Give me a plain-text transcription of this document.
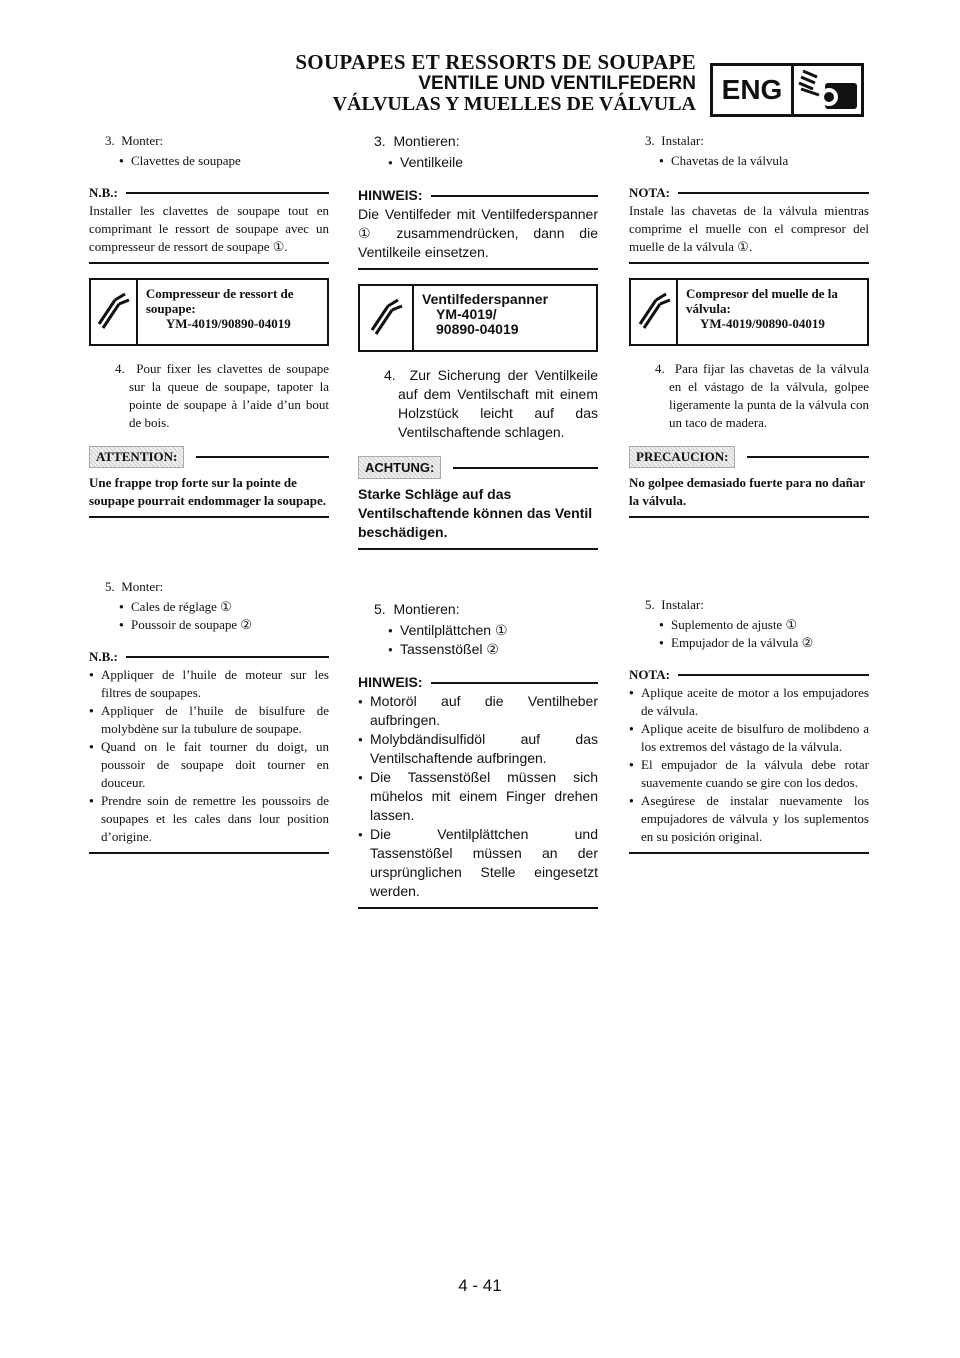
SOUPAPES ET RESSORTS DE SOUPAPE
VENTILE UND VENTILFEDERN
VÁLVULAS Y MUELLES DE VÁLVULA ENG
3.  Monter:
● Clavettes de soupape
N.B.:
Installer les clavettes de soupape tout en comprimant le ressort de soupape avec un compresseur de ressort de soupape ①.
Compresseur de ressort de soupape:
YM-4019/90890-04019
4.  Pour fixer les clavettes de soupape sur la queue de soupape, tapoter la pointe de soupape à l’aide d’un bout de bois.
ATTENTION:
Une frappe trop forte sur la pointe de soupape pourrait endommager la soupape.
5.  Monter:
● Cales de réglage ①
● Poussoir de soupape ②
N.B.:
● Appliquer de l’huile de moteur sur les filtres de soupapes.
● Appliquer de l’huile de bisulfure de molybdène sur la tubulure de soupape.
● Quand on le fait tourner du doigt, un poussoir de soupape doit tourner en douceur.
● Prendre soin de remettre les poussoirs de soupapes et les cales dans lour position d’origine.
3.  Montieren:
● Ventilkeile
HINWEIS:
Die Ventilfeder mit Ventilfederspanner ① zusammendrücken, dann die Ventilkeile einsetzen.
Ventilfederspanner
YM-4019/
90890-04019
4.  Zur Sicherung der Ventilkeile auf dem Ventilschaft mit einem Holzstück leicht auf das Ventilschaftende schlagen.
ACHTUNG:
Starke Schläge auf das Ventilschaftende können das Ventil beschädigen.
5.  Montieren:
● Ventilplättchen ①
● Tassenstößel ②
HINWEIS:
● Motoröl auf die Ventilheber aufbringen.
● Molybdändisulfidöl auf das Ventilschaftende aufbringen.
● Die Tassenstößel müssen sich mühelos mit einem Finger drehen lassen.
● Die Ventilplättchen und Tassenstößel müssen an der ursprünglichen Stelle eingesetzt werden.
3.  Instalar:
● Chavetas de la válvula
NOTA:
Instale las chavetas de la válvula mientras comprime el muelle con el compresor del muelle de la válvula ①.
Compresor del muelle de la válvula:
YM-4019/90890-04019
4.  Para fijar las chavetas de la válvula en el vástago de la válvula, golpee ligeramente la punta de la válvula con un taco de madera.
PRECAUCION:
No golpee demasiado fuerte para no dañar la válvula.
5.  Instalar:
● Suplemento de ajuste ①
● Empujador de la válvula ②
NOTA:
● Aplique aceite de motor a los empujadores de válvula.
● Aplique aceite de bisulfuro de molibdeno a los extremos del vástago de la válvula.
● El empujador de la válvula debe rotar suavemente cuando se gire con los dedos.
● Asegúrese de instalar nuevamente los empujadores de válvula y los suplementos en su posición original.
4 - 41
